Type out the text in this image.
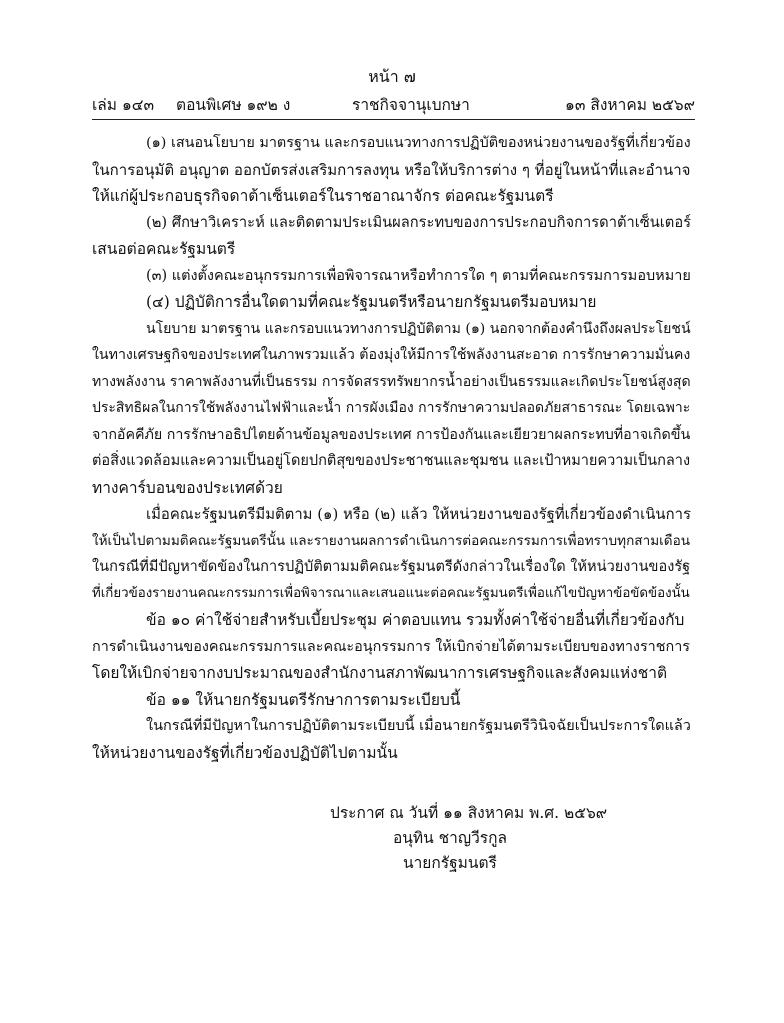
หน้า ๗
เล่ม ๑๔๓ ตอนพิเศษ ๑๙๒ ง	ราชกิจจานุเบกษา	๑๓ สิงหาคม ๒๕๖๙
(๑) เสนอนโยบาย มาตรฐาน และกรอบแนวทางการปฏิบัติของหน่วยงานของรัฐที่เกี่ยวข้อง
ในการอนุมัติ อนุญาต ออกบัตรส่งเสริมการลงทุน หรือให้บริการต่าง ๆ ที่อยู่ในหน้าที่และอำนาจ
ให้แก่ผู้ประกอบธุรกิจดาต้าเซ็นเตอร์ในราชอาณาจักร ต่อคณะรัฐมนตรี
(๒) ศึกษาวิเคราะห์ และติดตามประเมินผลกระทบของการประกอบกิจการดาต้าเซ็นเตอร์
เสนอต่อคณะรัฐมนตรี
(๓) แต่งตั้งคณะอนุกรรมการเพื่อพิจารณาหรือทำการใด ๆ ตามที่คณะกรรมการมอบหมาย
(๔) ปฏิบัติการอื่นใดตามที่คณะรัฐมนตรีหรือนายกรัฐมนตรีมอบหมาย
นโยบาย มาตรฐาน และกรอบแนวทางการปฏิบัติตาม (๑) นอกจากต้องคำนึงถึงผลประโยชน์
ในทางเศรษฐกิจของประเทศในภาพรวมแล้ว ต้องมุ่งให้มีการใช้พลังงานสะอาด การรักษาความมั่นคง
ทางพลังงาน ราคาพลังงานที่เป็นธรรม การจัดสรรทรัพยากรน้ำอย่างเป็นธรรมและเกิดประโยชน์สูงสุด
ประสิทธิผลในการใช้พลังงานไฟฟ้าและน้ำ การผังเมือง การรักษาความปลอดภัยสาธารณะ โดยเฉพาะ
จากอัคคีภัย การรักษาอธิปไตยด้านข้อมูลของประเทศ การป้องกันและเยียวยาผลกระทบที่อาจเกิดขึ้น
ต่อสิ่งแวดล้อมและความเป็นอยู่โดยปกติสุขของประชาชนและชุมชน และเป้าหมายความเป็นกลาง
ทางคาร์บอนของประเทศด้วย
เมื่อคณะรัฐมนตรีมีมติตาม (๑) หรือ (๒) แล้ว ให้หน่วยงานของรัฐที่เกี่ยวข้องดำเนินการ
ให้เป็นไปตามมติคณะรัฐมนตรีนั้น และรายงานผลการดำเนินการต่อคณะกรรมการเพื่อทราบทุกสามเดือน
ในกรณีที่มีปัญหาขัดข้องในการปฏิบัติตามมติคณะรัฐมนตรีดังกล่าวในเรื่องใด ให้หน่วยงานของรัฐ
ที่เกี่ยวข้องรายงานคณะกรรมการเพื่อพิจารณาและเสนอแนะต่อคณะรัฐมนตรีเพื่อแก้ไขปัญหาข้อขัดข้องนั้น
ข้อ ๑๐ ค่าใช้จ่ายสำหรับเบี้ยประชุม ค่าตอบแทน รวมทั้งค่าใช้จ่ายอื่นที่เกี่ยวข้องกับ
การดำเนินงานของคณะกรรมการและคณะอนุกรรมการ ให้เบิกจ่ายได้ตามระเบียบของทางราชการ
โดยให้เบิกจ่ายจากงบประมาณของสำนักงานสภาพัฒนาการเศรษฐกิจและสังคมแห่งชาติ
ข้อ ๑๑ ให้นายกรัฐมนตรีรักษาการตามระเบียบนี้
ในกรณีที่มีปัญหาในการปฏิบัติตามระเบียบนี้ เมื่อนายกรัฐมนตรีวินิจฉัยเป็นประการใดแล้ว
ให้หน่วยงานของรัฐที่เกี่ยวข้องปฏิบัติไปตามนั้น
ประกาศ ณ วันที่ ๑๑ สิงหาคม พ.ศ. ๒๕๖๙
อนุทิน ชาญวีรกูล
นายกรัฐมนตรี
